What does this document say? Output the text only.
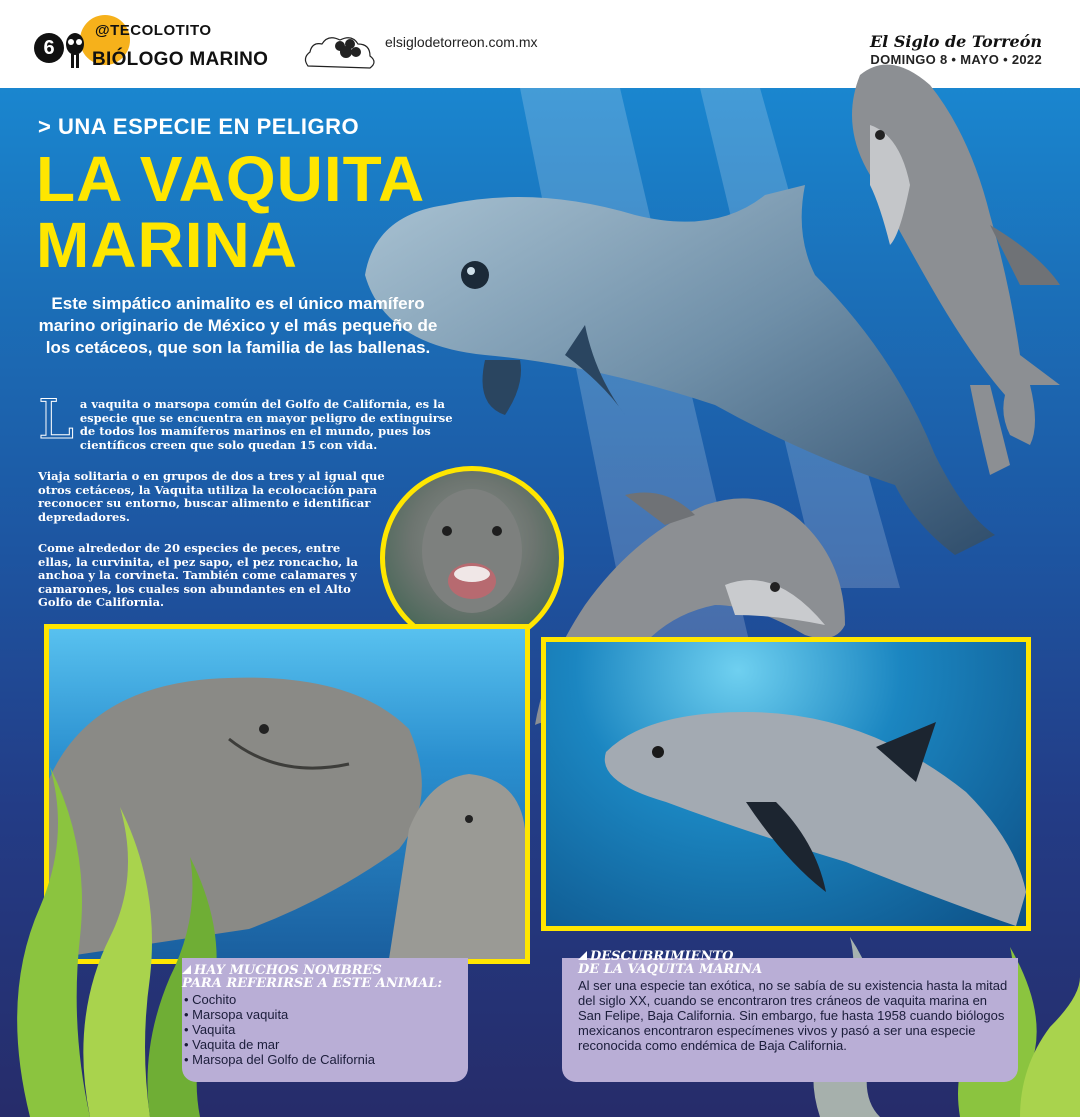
6
@TECOLOTITO
BIÓLOGO MARINO
elsiglodetorreon.com.mx	El Siglo de Torreón
DOMINGO 8 • MAYO • 2022
> UNA ESPECIE EN PELIGRO
LA VAQUITA
MARINA
Este simpático animalito es el único mamífero marino originario de México y el más pequeño de los cetáceos, que son la familia de las ballenas.
L a vaquita o marsopa común del Golfo de California, es la especie que se encuentra en mayor peligro de extinguirse de todos los mamíferos marinos en el mundo, pues los científicos creen que solo quedan 15 con vida.
Viaja solitaria o en grupos de dos a tres y al igual que otros cetáceos, la Vaquita utiliza la ecolocación para reconocer su entorno, buscar alimento e identificar depredadores.
Come alrededor de 20 especies de peces, entre ellas, la curvinita, el pez sapo, el pez roncacho, la anchoa y la corvineta. También come calamares y camarones, los cuales son abundantes en el Alto Golfo de California.
HAY MUCHOS NOMBRES
PARA REFERIRSE A ESTE ANIMAL:
• Cochito
• Marsopa vaquita
• Vaquita
• Vaquita de mar
• Marsopa del Golfo de California
DESCUBRIMIENTO
DE LA VAQUITA MARINA
Al ser una especie tan exótica, no se sabía de su existencia hasta la mitad del siglo XX, cuando se encontraron tres cráneos de vaquita marina en San Felipe, Baja California. Sin embargo, fue hasta 1958 cuando biólogos mexicanos encontraron especímenes vivos y pasó a ser una especie reconocida como endémica de Baja California.
